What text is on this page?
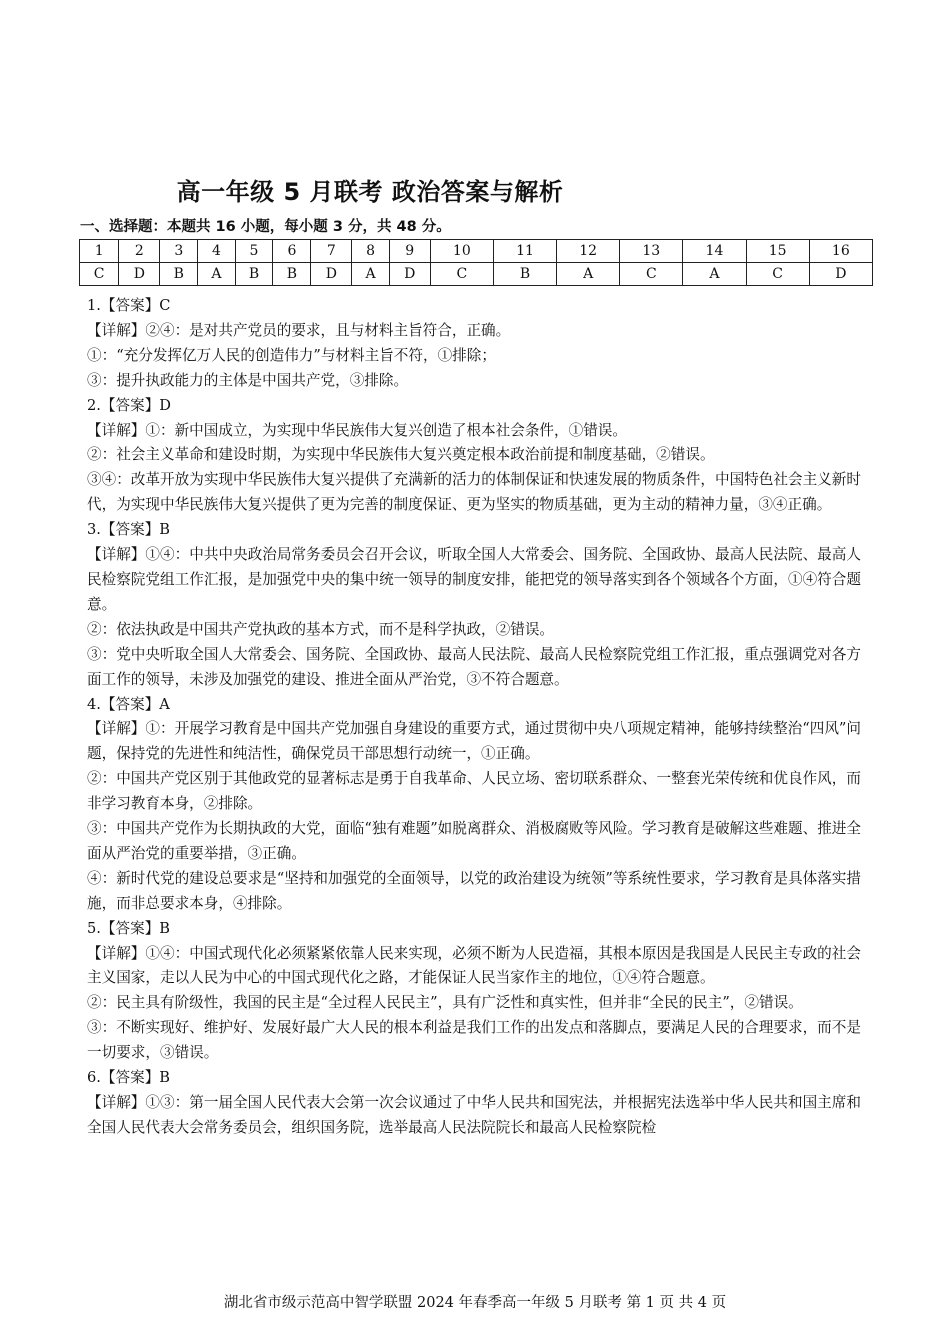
高一年级 5 月联考 政治答案与解析
一、选择题：本题共 16 小题，每小题 3 分，共 48 分。
1	2	3	4	5	6	7	8	9	10	11	12	13	14	15	16
C	D	B	A	B	B	D	A	D	C	B	A	C	A	C	D

1.【答案】C

【详解】②④：是对共产党员的要求，且与材料主旨符合，正确。

①：“充分发挥亿万人民的创造伟力”与材料主旨不符，①排除；

③：提升执政能力的主体是中国共产党，③排除。

2.【答案】D

【详解】①：新中国成立，为实现中华民族伟大复兴创造了根本社会条件，①错误。

②：社会主义革命和建设时期，为实现中华民族伟大复兴奠定根本政治前提和制度基础，②错误。

③④：改革开放为实现中华民族伟大复兴提供了充满新的活力的体制保证和快速发展的物质条件，中国特色社会主义新时代，为实现中华民族伟大复兴提供了更为完善的制度保证、更为坚实的物质基础，更为主动的精神力量，③④正确。

3.【答案】B

【详解】①④：中共中央政治局常务委员会召开会议，听取全国人大常委会、国务院、全国政协、最高人民法院、最高人民检察院党组工作汇报，是加强党中央的集中统一领导的制度安排，能把党的领导落实到各个领域各个方面，①④符合题意。

②：依法执政是中国共产党执政的基本方式，而不是科学执政，②错误。

③：党中央听取全国人大常委会、国务院、全国政协、最高人民法院、最高人民检察院党组工作汇报，重点强调党对各方面工作的领导，未涉及加强党的建设、推进全面从严治党，③不符合题意。

4.【答案】A

【详解】①：开展学习教育是中国共产党加强自身建设的重要方式，通过贯彻中央八项规定精神，能够持续整治“四风”问题，保持党的先进性和纯洁性，确保党员干部思想行动统一，①正确。

②：中国共产党区别于其他政党的显著标志是勇于自我革命、人民立场、密切联系群众、一整套光荣传统和优良作风，而非学习教育本身，②排除。

③：中国共产党作为长期执政的大党，面临“独有难题”如脱离群众、消极腐败等风险。学习教育是破解这些难题、推进全面从严治党的重要举措，③正确。

④：新时代党的建设总要求是“坚持和加强党的全面领导，以党的政治建设为统领”等系统性要求，学习教育是具体落实措施，而非总要求本身，④排除。

5.【答案】B

【详解】①④：中国式现代化必须紧紧依靠人民来实现，必须不断为人民造福，其根本原因是我国是人民民主专政的社会主义国家，走以人民为中心的中国式现代化之路，才能保证人民当家作主的地位，①④符合题意。

②：民主具有阶级性，我国的民主是“全过程人民民主”，具有广泛性和真实性，但并非“全民的民主”，②错误。

③：不断实现好、维护好、发展好最广大人民的根本利益是我们工作的出发点和落脚点，要满足人民的合理要求，而不是一切要求，③错误。

6.【答案】B

【详解】①③：第一届全国人民代表大会第一次会议通过了中华人民共和国宪法，并根据宪法选举中华人民共和国主席和全国人民代表大会常务委员会，组织国务院，选举最高人民法院院长和最高人民检察院检

湖北省市级示范高中智学联盟 2024 年春季高一年级 5 月联考 第 1 页 共 4 页
